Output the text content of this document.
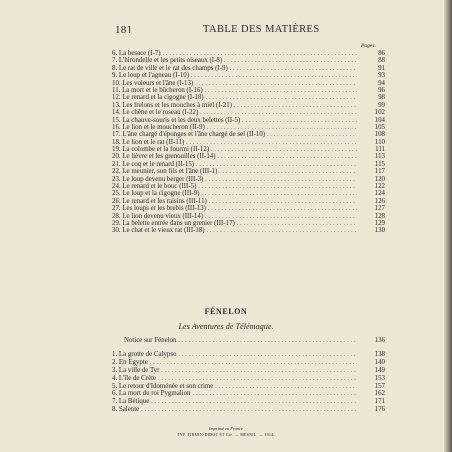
181	TABLE DES MATIÈRES
Pages.
6. La besace (I-7) . . .	86
7. L'hirondelle et les petits oiseaux (I-8) . . .	88
8. Le rat de ville et le rat des champs (I-9) . . .	91
9. Le loup et l'agneau (I-10) . . .	93
10. Les voleurs et l'âne (I-13) . . .	94
11. La mort et le bûcheron (I-16) . . .	96
12. Le renard et la cigogne (I-18) . . .	98
13. Les frelons et les mouches à miel (I-21) . . .	99
14. Le chêne et le roseau (I-22) . . .	102
15. La chauve-souris et les deux belettes (II-5) . . .	104
16. Le lion et le moucheron (II-9) . . .	105
17. L'âne chargé d'éponges et l'âne chargé de sel (II-10) . . .	108
18. Le lion et le rat (II-11) . . .	110
19. La colombe et la fourmi (II-12) . . .	111
20. Le lièvre et les grenouilles (II-14) . . .	113
21. Le coq et le renard (II-15) . . .	115
22. Le meunier, son fils et l'âne (III-1) . . .	117
23. Le loup devenu berger (III-3) . . .	120
24. Le renard et le bouc (III-5) . . .	122
25. Le loup et la cigogne (III-9) . . .	124
26. Le renard et les raisins (III-11) . . .	126
27. Les loups et les brebis (III-13) . . .	127
28. Le lion devenu vieux (III-14) . . .	128
29. La belette entrée dans un grenier (III-17) . . .	129
30. Le chat et le vieux rat (III-18) . . .	130
FÉNELON
Les Aventures de Télémaque.
Notice sur Fénelon . . .	136
1. La grotte de Calypso . . .	138
2. En Égypte . . .	140
3. La ville de Tyr . . .	149
4. L'île de Crète . . .	153
5. Le retour d'Idoménée et son crime . . .	157
6. La mort du roi Pygmalion . . .	162
7. La Bétique . . .	171
8. Salente . . .	176
Imprimé en France
TYP. FIRMIN-DIDOT ET Cie. — MESNIL. — 1914.
